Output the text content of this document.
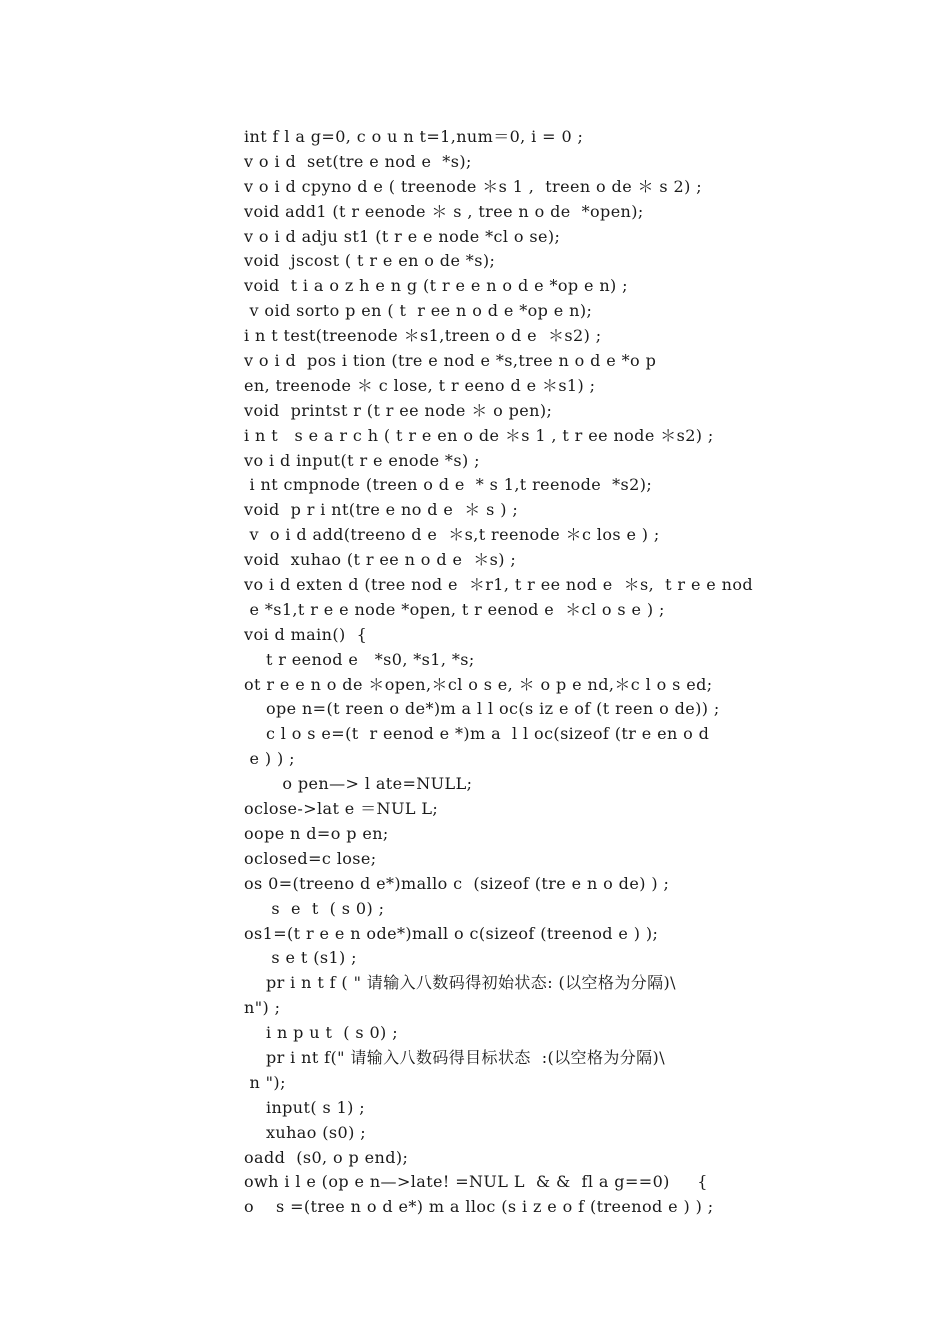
int f l a g=0, c o u n t=1,num＝0, i = 0 ;
v o i d  set(tre e nod e  *s);
v o i d cpyno d e ( treenode ＊s 1 ,  treen o de ＊ s 2) ;
void add1 (t r eenode ＊ s , tree n o de  *open);
v o i d adju st1 (t r e e node *cl o se);
void  jscost ( t r e en o de *s);
void  t i a o z h e n g (t r e e n o d e *op e n) ;
v oid sorto p en ( t  r ee n o d e *op e n);
i n t test(treenode ＊s1,treen o d e  ＊s2) ;
v o i d  pos i tion (tre e nod e *s,tree n o d e *o p
en, treenode ＊ c lose, t r eeno d e ＊s1) ;
void  printst r (t r ee node ＊ o pen);
i n t   s e a r c h ( t r e en o de ＊s 1 , t r ee node ＊s2) ;
vo i d input(t r e enode *s) ;
i nt cmpnode (treen o d e  * s 1,t reenode  *s2);
void  p r i nt(tre e no d e  ＊ s ) ;
v  o i d add(treeno d e  ＊s,t reenode ＊c los e ) ;
void  xuhao (t r ee n o d e  ＊s) ;
vo i d exten d (tree nod e  ＊r1, t r ee nod e  ＊s,  t r e e nod
e *s1,t r e e node *open, t r eenod e  ＊cl o s e ) ;
voi d main()  {
t r eenod e   *s0, *s1, *s;
ot r e e n o de ＊open,＊cl o s e, ＊ o p e nd,＊c l o s ed;
ope n=(t reen o de*)m a l l oc(s iz e of (t reen o de)) ;
c l o s e=(t  r eenod e *)m a  l l oc(sizeof (tr e en o d
e ) ) ;
o pen—> l ate=NULL;
oclose->lat e ＝NUL L;
oope n d=o p en;
oclosed=c lose;
os 0=(treeno d e*)mallo c  (sizeof (tre e n o de) ) ;
s  e  t  ( s 0) ;
os1=(t r e e n ode*)mall o c(sizeof (treenod e ) );
s e t (s1) ;
pr i n t f ( " 请输入八数码得初始状态: (以空格为分隔)\
n") ;
i n p u t  ( s 0) ;
pr i nt f(" 请输入八数码得目标状态  :(以空格为分隔)\
n ");
input( s 1) ;
xuhao (s0) ;
oadd  (s0, o p end);
owh i l e (op e n—>late! =NUL L  & &  fl a g==0)     {
o    s =(tree n o d e*) m a lloc (s i z e o f (treenod e ) ) ;
